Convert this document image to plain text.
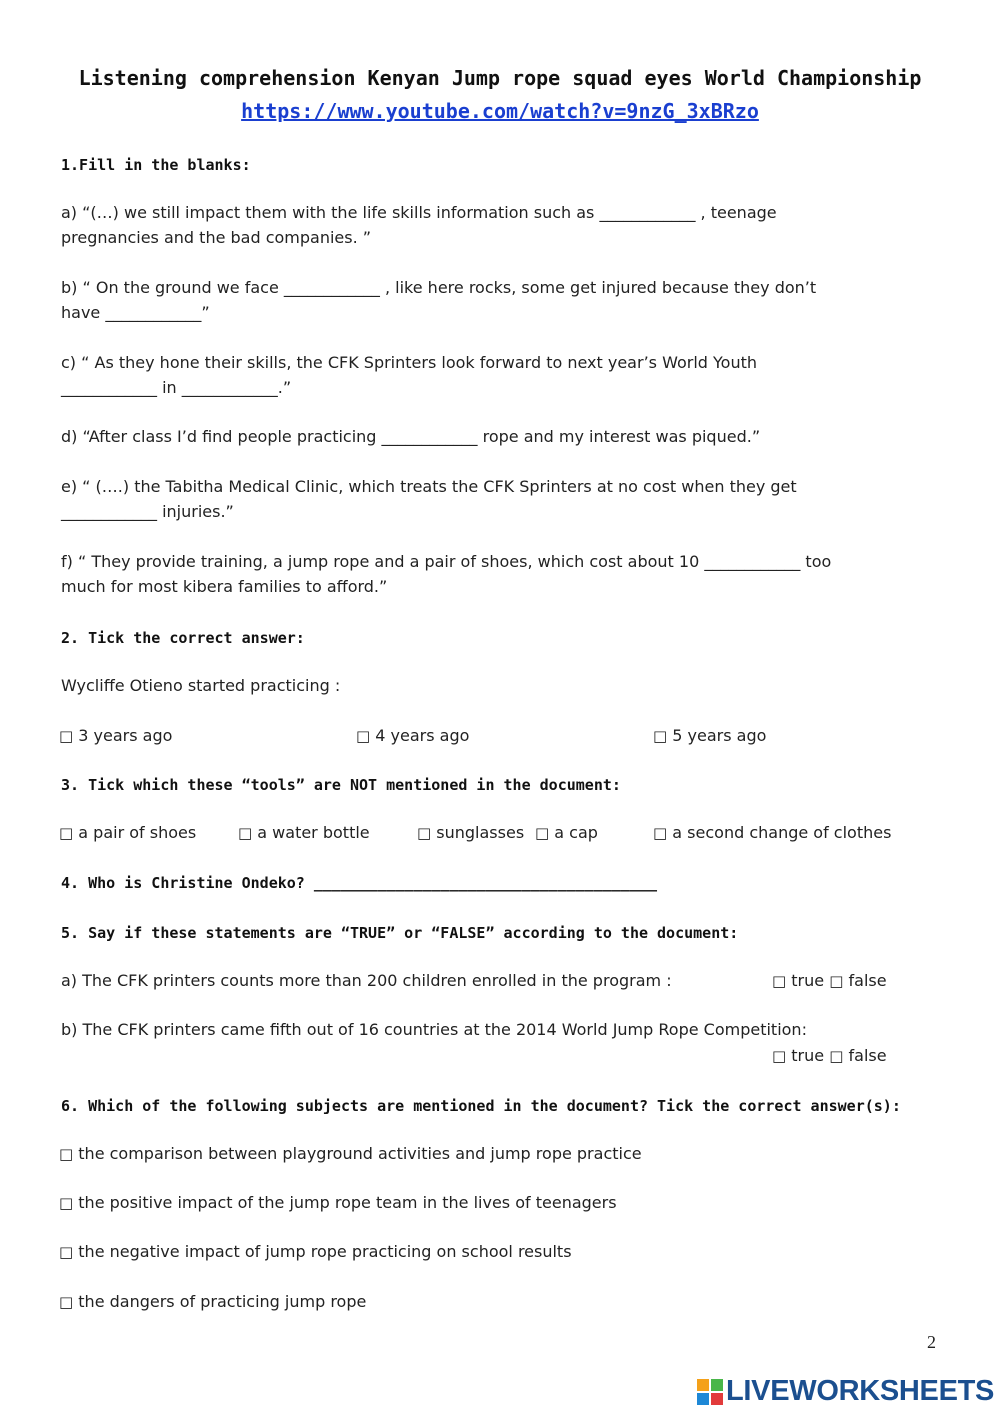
Listening comprehension Kenyan Jump rope squad eyes World Championship
https://www.youtube.com/watch?v=9nzG_3xBRzo
1.Fill in the blanks:
a) “(…) we still impact them with the life skills information such as ____________ , teenage
pregnancies and the bad companies. ”
b) “ On the ground we face ____________ , like here rocks, some get injured because they don’t
have ____________”
c) “ As they hone their skills, the CFK Sprinters look forward to next year’s World Youth
____________ in ____________.”
d) “After class I’d find people practicing ____________ rope and my interest was piqued.”
e) “ (….) the Tabitha Medical Clinic, which treats the CFK Sprinters at no cost when they get
____________ injuries.”
f) “ They provide training, a jump rope and a pair of shoes, which cost about 10 ____________ too
much for most kibera families to afford.”
2. Tick the correct answer:
Wycliffe Otieno started practicing :
□ 3 years ago	□ 4 years ago	□ 5 years ago
3. Tick which these “tools” are NOT mentioned in the document:
□ a pair of shoes	□ a water bottle	□ sunglasses □ a cap	□ a second change of clothes
4. Who is Christine Ondeko? ______________________________________
5. Say if these statements are “TRUE” or “FALSE” according to the document:
a) The CFK printers counts more than 200 children enrolled in the program :	□ true □ false
b) The CFK printers came fifth out of 16 countries at the 2014 World Jump Rope Competition:
□ true □ false
6. Which of the following subjects are mentioned in the document? Tick the correct answer(s):
□ the comparison between playground activities and jump rope practice
□ the positive impact of the jump rope team in the lives of teenagers
□ the negative impact of jump rope practicing on school results
□ the dangers of practicing jump rope
2
LIVEWORKSHEETS
